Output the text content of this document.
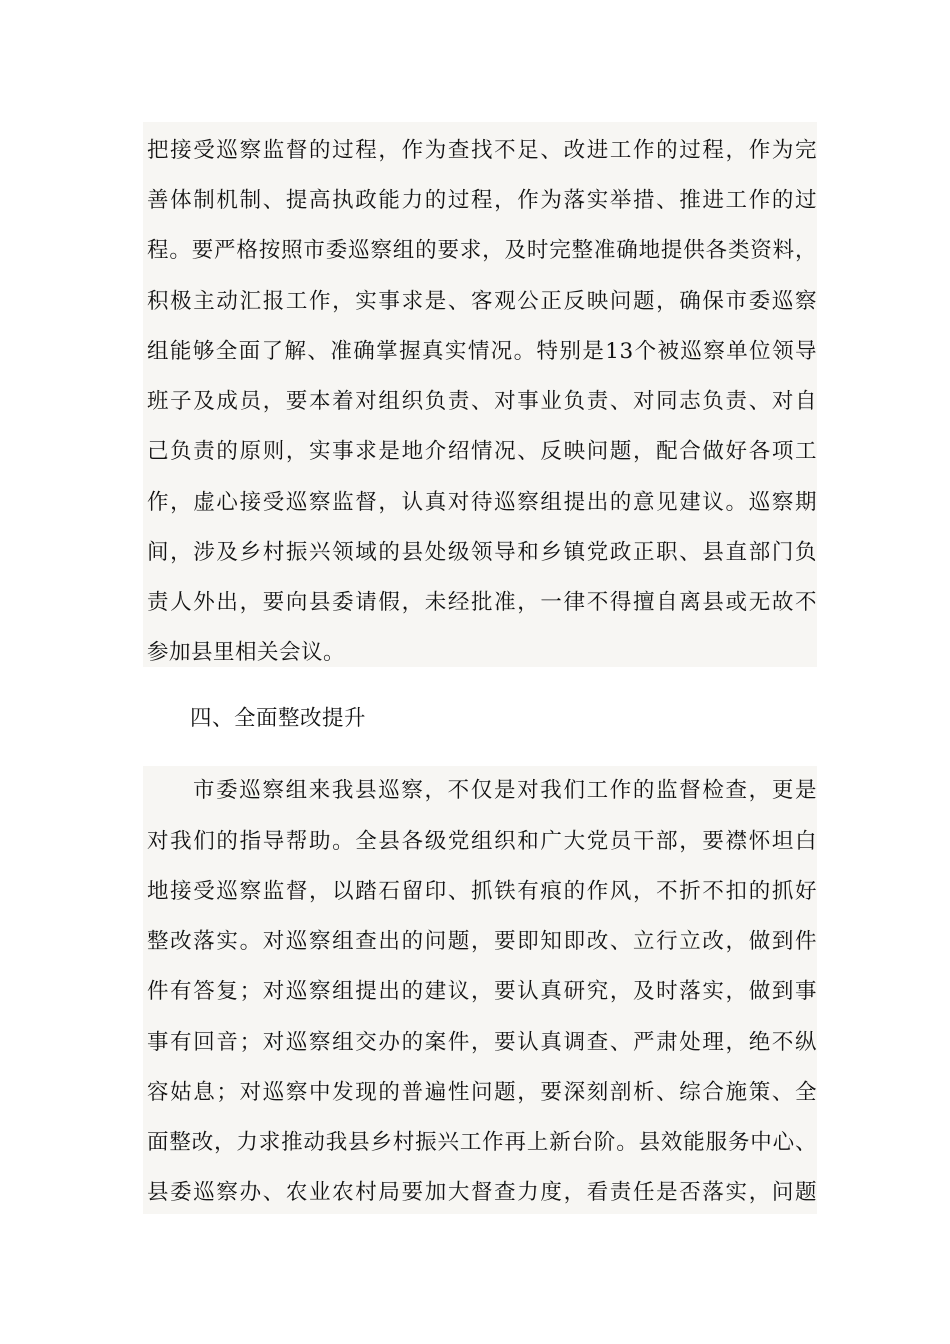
把接受巡察监督的过程，作为查找不足、改进工作的过程，作为完
善体制机制、提高执政能力的过程，作为落实举措、推进工作的过
程。要严格按照市委巡察组的要求，及时完整准确地提供各类资料，
积极主动汇报工作，实事求是、客观公正反映问题，确保市委巡察
组能够全面了解、准确掌握真实情况。特别是13个被巡察单位领导
班子及成员，要本着对组织负责、对事业负责、对同志负责、对自
己负责的原则，实事求是地介绍情况、反映问题，配合做好各项工
作，虚心接受巡察监督，认真对待巡察组提出的意见建议。巡察期
间，涉及乡村振兴领域的县处级领导和乡镇党政正职、县直部门负
责人外出，要向县委请假，未经批准，一律不得擅自离县或无故不
参加县里相关会议。
四、全面整改提升
市委巡察组来我县巡察，不仅是对我们工作的监督检查，更是
对我们的指导帮助。全县各级党组织和广大党员干部，要襟怀坦白
地接受巡察监督，以踏石留印、抓铁有痕的作风，不折不扣的抓好
整改落实。对巡察组查出的问题，要即知即改、立行立改，做到件
件有答复；对巡察组提出的建议，要认真研究，及时落实，做到事
事有回音；对巡察组交办的案件，要认真调查、严肃处理，绝不纵
容姑息；对巡察中发现的普遍性问题，要深刻剖析、综合施策、全
面整改，力求推动我县乡村振兴工作再上新台阶。县效能服务中心、
县委巡察办、农业农村局要加大督查力度，看责任是否落实，问题
